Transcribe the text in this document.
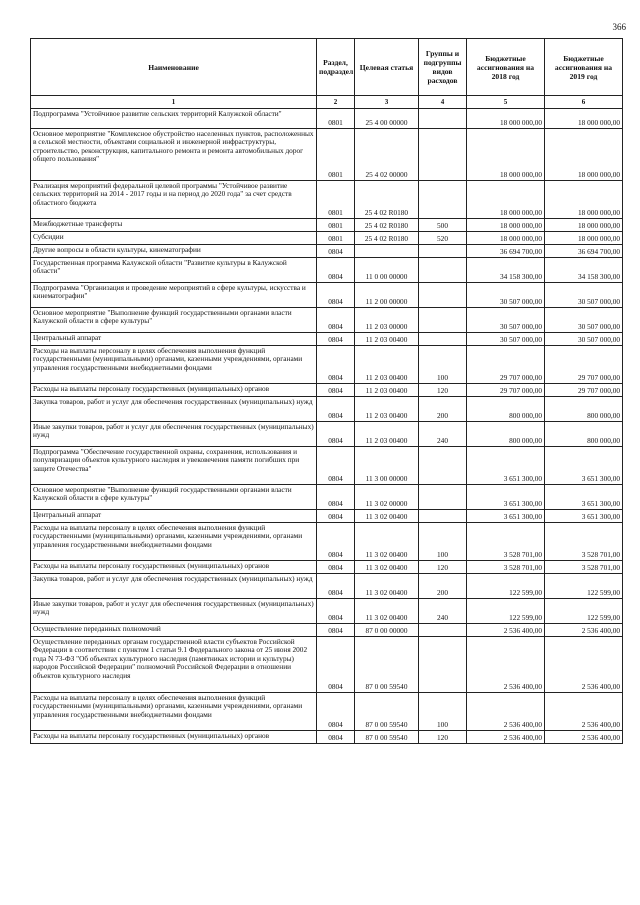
366
Наименование	Раздел, подраздел	Целевая статья	Группы и подгруппы видов расходов	Бюджетные ассигнования на 2018 год	Бюджетные ассигнования на 2019 год
1	2	3	4	5	6
Подпрограмма "Устойчивое развитие сельских территорий Калужской области"	0801	25 4 00 00000		18 000 000,00	18 000 000,00
Основное мероприятие "Комплексное обустройство населенных пунктов, расположенных в сельской местности, объектами социальной и инженерной инфраструктуры, строительство, реконструкция, капитального ремонта и ремонта автомобильных дорог общего пользования"	0801	25 4 02 00000		18 000 000,00	18 000 000,00
Реализация мероприятий федеральной целевой программы "Устойчивое развитие сельских территорий на 2014 - 2017 годы и на период до 2020 года" за счет средств областного бюджета	0801	25 4 02 R0180		18 000 000,00	18 000 000,00
Межбюджетные трансферты	0801	25 4 02 R0180	500	18 000 000,00	18 000 000,00
Субсидии	0801	25 4 02 R0180	520	18 000 000,00	18 000 000,00
Другие вопросы в области культуры, кинематографии	0804			36 694 700,00	36 694 700,00
Государственная программа Калужской области "Развитие культуры в Калужской области"	0804	11 0 00 00000		34 158 300,00	34 158 300,00
Подпрограмма "Организация и проведение мероприятий в сфере культуры, искусства и кинематографии"	0804	11 2 00 00000		30 507 000,00	30 507 000,00
Основное мероприятие "Выполнение функций государственными органами власти Калужской области в сфере культуры"	0804	11 2 03 00000		30 507 000,00	30 507 000,00
Центральный аппарат	0804	11 2 03 00400		30 507 000,00	30 507 000,00
Расходы на выплаты персоналу в целях обеспечения выполнения функций государственными (муниципальными) органами, казенными учреждениями, органами управления государственными внебюджетными фондами	0804	11 2 03 00400	100	29 707 000,00	29 707 000,00
Расходы на выплаты персоналу государственных (муниципальных) органов	0804	11 2 03 00400	120	29 707 000,00	29 707 000,00
Закупка товаров, работ и услуг для обеспечения государственных (муниципальных) нужд	0804	11 2 03 00400	200	800 000,00	800 000,00
Иные закупки товаров, работ и услуг для обеспечения государственных (муниципальных) нужд	0804	11 2 03 00400	240	800 000,00	800 000,00
Подпрограмма "Обеспечение государственной охраны, сохранения, использования и популяризации объектов культурного наследия и увековечения памяти погибших при защите Отечества"	0804	11 3 00 00000		3 651 300,00	3 651 300,00
Основное мероприятие "Выполнение функций государственными органами власти Калужской области в сфере культуры"	0804	11 3 02 00000		3 651 300,00	3 651 300,00
Центральный аппарат	0804	11 3 02 00400		3 651 300,00	3 651 300,00
Расходы на выплаты персоналу в целях обеспечения выполнения функций государственными (муниципальными) органами, казенными учреждениями, органами управления государственными внебюджетными фондами	0804	11 3 02 00400	100	3 528 701,00	3 528 701,00
Расходы на выплаты персоналу государственных (муниципальных) органов	0804	11 3 02 00400	120	3 528 701,00	3 528 701,00
Закупка товаров, работ и услуг для обеспечения государственных (муниципальных) нужд	0804	11 3 02 00400	200	122 599,00	122 599,00
Иные закупки товаров, работ и услуг для обеспечения государственных (муниципальных) нужд	0804	11 3 02 00400	240	122 599,00	122 599,00
Осуществление переданных полномочий	0804	87 0 00 00000		2 536 400,00	2 536 400,00
Осуществление переданных органам государственной власти субъектов Российской Федерации в соответствии с пунктом 1 статьи 9.1 Федерального закона от 25 июня 2002 года N 73-ФЗ "Об объектах культурного наследия (памятниках истории и культуры) народов Российской Федерации" полномочий Российской Федерации в отношении объектов культурного наследия	0804	87 0 00 59540		2 536 400,00	2 536 400,00
Расходы на выплаты персоналу в целях обеспечения выполнения функций государственными (муниципальными) органами, казенными учреждениями, органами управления государственными внебюджетными фондами	0804	87 0 00 59540	100	2 536 400,00	2 536 400,00
Расходы на выплаты персоналу государственных (муниципальных) органов	0804	87 0 00 59540	120	2 536 400,00	2 536 400,00
